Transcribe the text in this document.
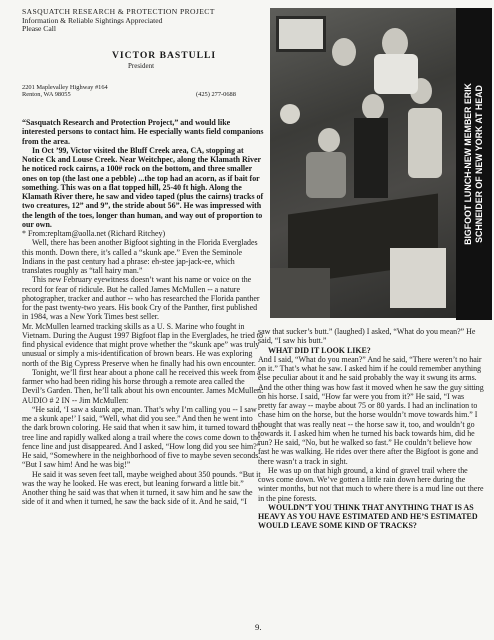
SASQUATCH RESEARCH & PROTECTION PROJECT
Information & Reliable Sightings Appreciated
Please Call
VICTOR BASTULLI
President
2201 Maplevalley Highway #164
Renton, WA 98055	(425) 277-0688	BIGFOOT LUNCH-NEW MEMBER ERIK SCHNEIDER OF NEW YORK AT HEAD

“Sasquatch Research and Protection Project,” and would like interested persons to contact him. He especially wants field companions from the area.

In Oct ’99, Victor visited the Bluff Creek area, CA, stopping at Notice Ck and Louse Creek. Near Weitchpec, along the Klamath River he noticed rock cairns, a 100# rock on the bottom, and three smaller ones on top (the last one a pebble) ...the top had an acorn, as if bait for something. This was on a flat topped hill, 25-40 ft high. Along the Klamath River there, he saw and video taped (plus the cairns) tracks of two creatures, 12” and 9”, the stride about 56”. He was impressed with the length of the toes, longer than human, and way out of proportion to our own.

* From:repltam@aolla.net (Richard Ritchey)

Well, there has been another Bigfoot sighting in the Florida Everglades this month. Down there, it’s called a “skunk ape.” Even the Seminole Indians in the past century had a phrase: eh-stee jap-jack-ee, which translates roughly as “tall hairy man.”

This new February eyewitness doesn’t want his name or voice on the record for fear of ridicule. But he called James McMullen -- a nature photographer, tracker and author -- who has researched the Florida panther for the past twenty-two years. His book Cry of the Panther, first published in 1984, was a New York Times best seller.

Mr. McMullen learned tracking skills as a U. S. Marine who fought in Vietnam. During the August 1997 Bigfoot flap in the Everglades, he tried to find physical evidence that might prove whether the “skunk ape” was truly unusual or simply a mis-identification of brown bears. He was exploring north of the Big Cypress Preserve when he finally had his own encounter.

Tonight, we’ll first hear about a phone call he received this week from a farmer who had been riding his horse through a remote area called the Devil’s Garden. Then, he’ll talk about his own encounter. James McMullen:

AUDIO # 2 IN -- Jim McMullen:

“He said, ‘I saw a skunk ape, man. That’s why I’m calling you -- I saw me a skunk ape!’ I said, “Well, what did you see.” And then he went into the dark brown coloring. He said that when it saw him, it turned toward the tree line and rapidly walked along a trail where the cows come down to the fence line and just disappeared. And I asked, “How long did you see him?” He said, “Somewhere in the neighborhood of five to maybe seven seconds. “But I saw him! And he was big!”

He said it was seven feet tall, maybe weighed about 350 pounds. “But it was the way he looked. He was erect, but leaning forward a little bit.” Another thing he said was that when it turned, it saw him and he saw the side of it and when it turned, he saw the back side of it. And he said, “I

saw that sucker’s butt.” (laughed) I asked, “What do you mean?” He said, “I saw his butt.”

WHAT DID IT LOOK LIKE?

And I said, “What do you mean?” And he said, “There weren’t no hair on it.” That’s what he saw. I asked him if he could remember anything else peculiar about it and he said probably the way it swung its arms. And the other thing was how fast it moved when he saw the guy sitting on his horse. I said, “How far were you from it?” He said, “I was pretty far away -- maybe about 75 or 80 yards. I had an inclination to chase him on the horse, but the horse wouldn’t move towards him.” I thought that was really neat -- the horse saw it, too, and wouldn’t go towards it. I asked him when he turned his back towards him, did he run? He said, “No, but he walked so fast.” He couldn’t believe how fast he was walking. He rides over there after the Bigfoot is gone and there wasn’t a track in sight.

He was up on that high ground, a kind of gravel trail where the cows come down. We’ve gotten a little rain down here during the winter months, but not that much to where there is a mud line out there in the pine forests.

WOULDN’T YOU THINK THAT ANYTHING THAT IS AS HEAVY AS YOU HAVE ESTIMATED AND HE’S ESTIMATED WOULD LEAVE SOME KIND OF TRACKS?

9.
